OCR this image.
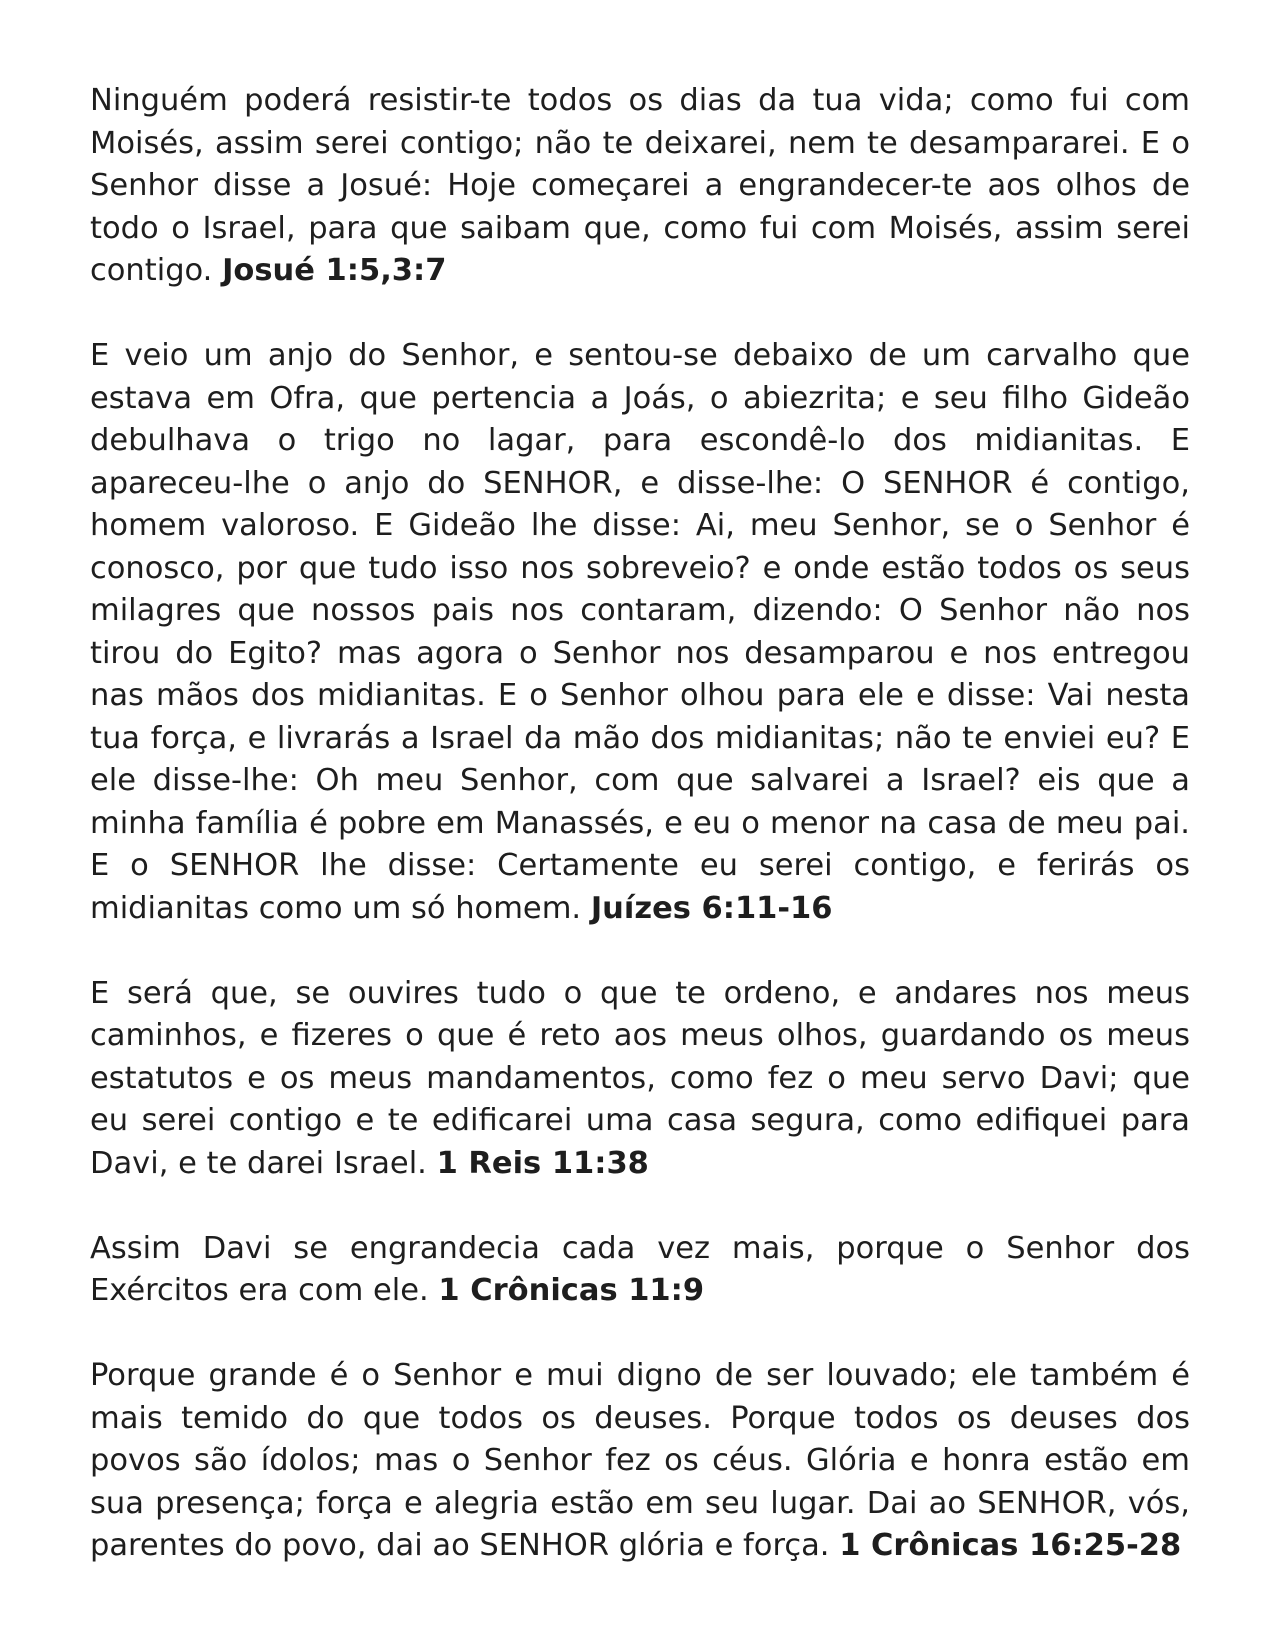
Ninguém poderá resistir-te todos os dias da tua vida; como fui com Moisés, assim serei contigo; não te deixarei, nem te desampararei. E o Senhor disse a Josué: Hoje começarei a engrandecer-te aos olhos de todo o Israel, para que saibam que, como fui com Moisés, assim serei contigo. Josué 1:5,3:7

E veio um anjo do Senhor, e sentou-se debaixo de um carvalho que estava em Ofra, que pertencia a Joás, o abiezrita; e seu filho Gideão debulhava o trigo no lagar, para escondê-lo dos midianitas. E apareceu-lhe o anjo do SENHOR, e disse-lhe: O SENHOR é contigo, homem valoroso. E Gideão lhe disse: Ai, meu Senhor, se o Senhor é conosco, por que tudo isso nos sobreveio? e onde estão todos os seus milagres que nossos pais nos contaram, dizendo: O Senhor não nos tirou do Egito? mas agora o Senhor nos desamparou e nos entregou nas mãos dos midianitas. E o Senhor olhou para ele e disse: Vai nesta tua força, e livrarás a Israel da mão dos midianitas; não te enviei eu? E ele disse-lhe: Oh meu Senhor, com que salvarei a Israel? eis que a minha família é pobre em Manassés, e eu o menor na casa de meu pai. E o SENHOR lhe disse: Certamente eu serei contigo, e ferirás os midianitas como um só homem. Juízes 6:11-16

E será que, se ouvires tudo o que te ordeno, e andares nos meus caminhos, e fizeres o que é reto aos meus olhos, guardando os meus estatutos e os meus mandamentos, como fez o meu servo Davi; que eu serei contigo e te edificarei uma casa segura, como edifiquei para Davi, e te darei Israel. 1 Reis 11:38

Assim Davi se engrandecia cada vez mais, porque o Senhor dos Exércitos era com ele. 1 Crônicas 11:9

Porque grande é o Senhor e mui digno de ser louvado; ele também é mais temido do que todos os deuses. Porque todos os deuses dos povos são ídolos; mas o Senhor fez os céus. Glória e honra estão em sua presença; força e alegria estão em seu lugar. Dai ao SENHOR, vós, parentes do povo, dai ao SENHOR glória e força. 1 Crônicas 16:25-28
